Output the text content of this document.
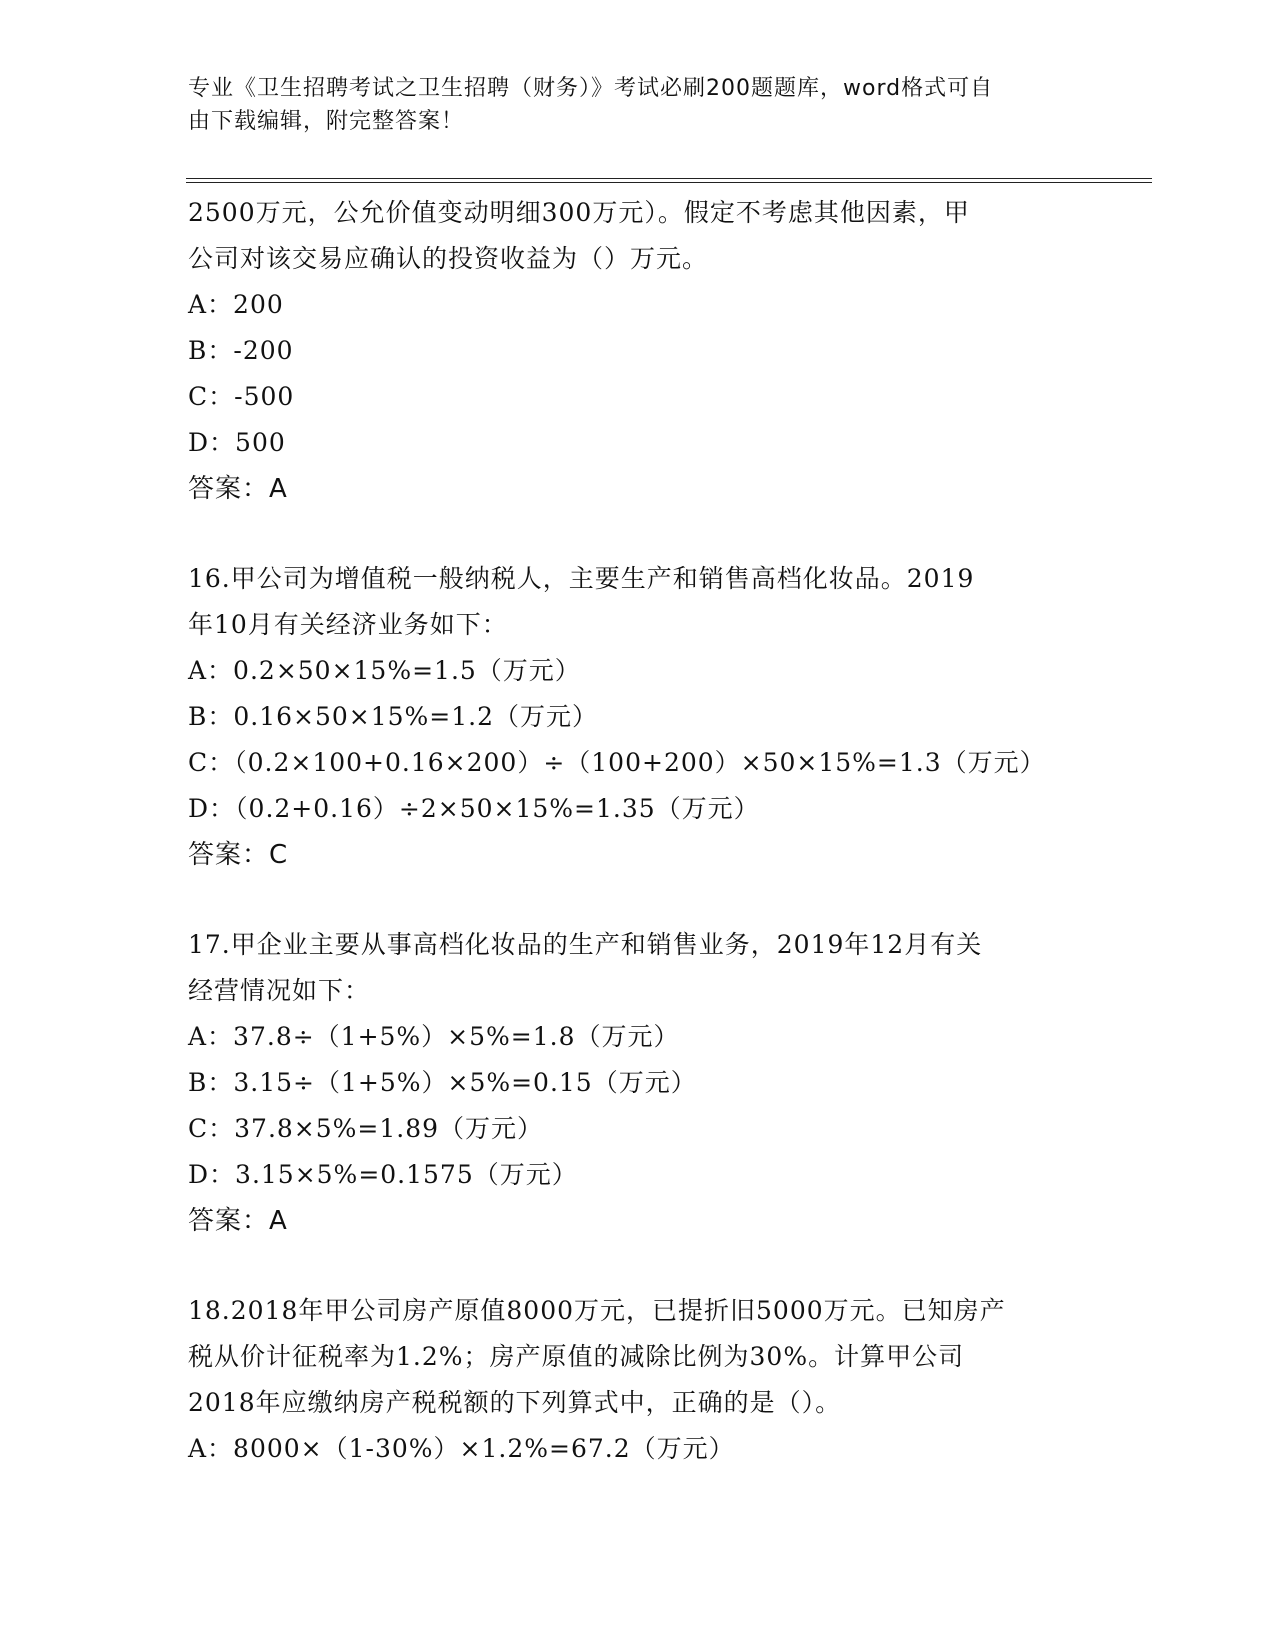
专业《卫生招聘考试之卫生招聘（财务）》考试必刷200题题库，word格式可自
由下载编辑，附完整答案！
2500万元，公允价值变动明细300万元）。假定不考虑其他因素，甲
公司对该交易应确认的投资收益为（）万元。
A：200
B：-200
C：-500
D：500
答案：A
16.甲公司为增值税一般纳税人，主要生产和销售高档化妆品。2019
年10月有关经济业务如下：
A：0.2×50×15%=1.5（万元）
B：0.16×50×15%=1.2（万元）
C：（0.2×100+0.16×200）÷（100+200）×50×15%=1.3（万元）
D：（0.2+0.16）÷2×50×15%=1.35（万元）
答案：C
17.甲企业主要从事高档化妆品的生产和销售业务，2019年12月有关
经营情况如下：
A：37.8÷（1+5%）×5%=1.8（万元）
B：3.15÷（1+5%）×5%=0.15（万元）
C：37.8×5%=1.89（万元）
D：3.15×5%=0.1575（万元）
答案：A
18.2018年甲公司房产原值8000万元，已提折旧5000万元。已知房产
税从价计征税率为1.2%；房产原值的减除比例为30%。计算甲公司
2018年应缴纳房产税税额的下列算式中，正确的是（）。
A：8000×（1-30%）×1.2%=67.2（万元）
